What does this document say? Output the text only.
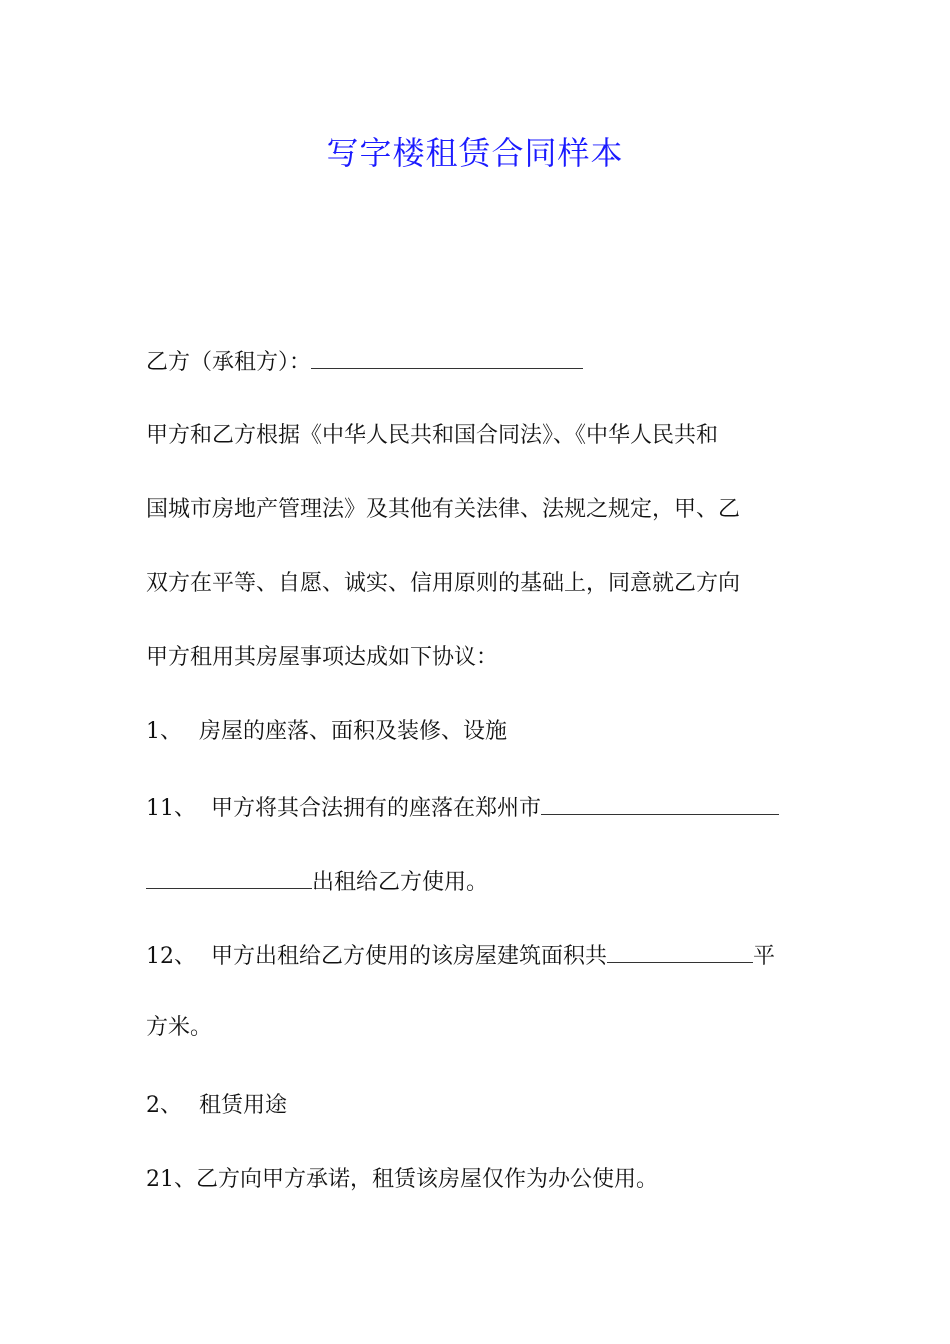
写字楼租赁合同样本
乙方（承租方）：
甲方和乙方根据《中华人民共和国合同法》、《中华人民共和
国城市房地产管理法》及其他有关法律、法规之规定，甲、乙
双方在平等、自愿、诚实、信用原则的基础上，同意就乙方向
甲方租用其房屋事项达成如下协议：
1、 房屋的座落、面积及装修、设施
11、 甲方将其合法拥有的座落在郑州市
出租给乙方使用。
12、 甲方出租给乙方使用的该房屋建筑面积共	平
方米。
2、 租赁用途
21、乙方向甲方承诺，租赁该房屋仅作为办公使用。
